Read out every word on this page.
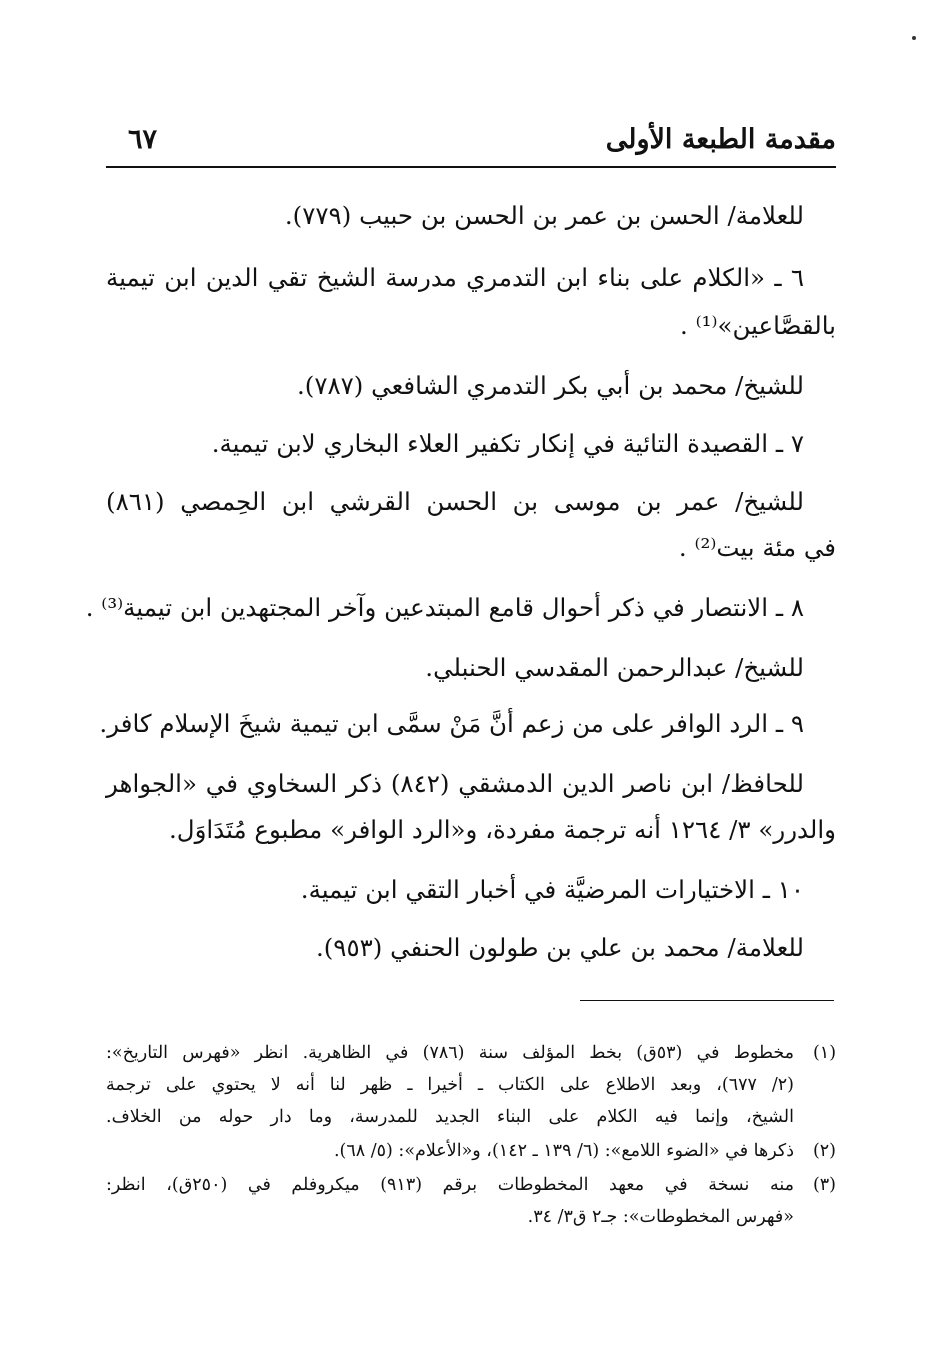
مقدمة الطبعة الأولى
٦٧
للعلامة/ الحسن بن عمر بن الحسن بن حبيب (٧٧٩).
٦ ـ «الكلام على بناء ابن التدمري مدرسة الشيخ تقي الدين ابن تيمية
بالقصَّاعين»⁽¹⁾ .
للشيخ/ محمد بن أبي بكر التدمري الشافعي (٧٨٧).
٧ ـ القصيدة التائية في إنكار تكفير العلاء البخاري لابن تيمية.
للشيخ/ عمر بن موسى بن الحسن القرشي ابن الحِمصي (٨٦١)
في مئة بيت⁽²⁾ .
٨ ـ الانتصار في ذكر أحوال قامع المبتدعين وآخر المجتهدين ابن تيمية⁽³⁾ .
للشيخ/ عبدالرحمن المقدسي الحنبلي.
٩ ـ الرد الوافر على من زعم أنَّ مَنْ سمَّى ابن تيمية شيخَ الإسلام كافر.
للحافظ/ ابن ناصر الدين الدمشقي (٨٤٢) ذكر السخاوي في «الجواهر
والدرر» ٣/ ١٢٦٤ أنه ترجمة مفردة، و«الرد الوافر» مطبوع مُتَدَاوَل.
١٠ ـ الاختيارات المرضيَّة في أخبار التقي ابن تيمية.
للعلامة/ محمد بن علي بن طولون الحنفي (٩٥٣).
(١)مخطوط في (٥٣ق) بخط المؤلف سنة (٧٨٦) في الظاهرية. انظر «فهرس التاريخ»:
(٢/ ٦٧٧)، وبعد الاطلاع على الكتاب ـ أخيرا ـ ظهر لنا أنه لا يحتوي على ترجمة
الشيخ، وإنما فيه الكلام على البناء الجديد للمدرسة، وما دار حوله من الخلاف.
(٢)ذكرها في «الضوء اللامع»: (٦/ ١٣٩ ـ ١٤٢)، و«الأعلام»: (٥/ ٦٨).
(٣)منه نسخة في معهد المخطوطات برقم (٩١٣) ميكروفلم في (٢٥٠ق)، انظر:
«فهرس المخطوطات»: جـ٢ ق٣/ ٣٤.
